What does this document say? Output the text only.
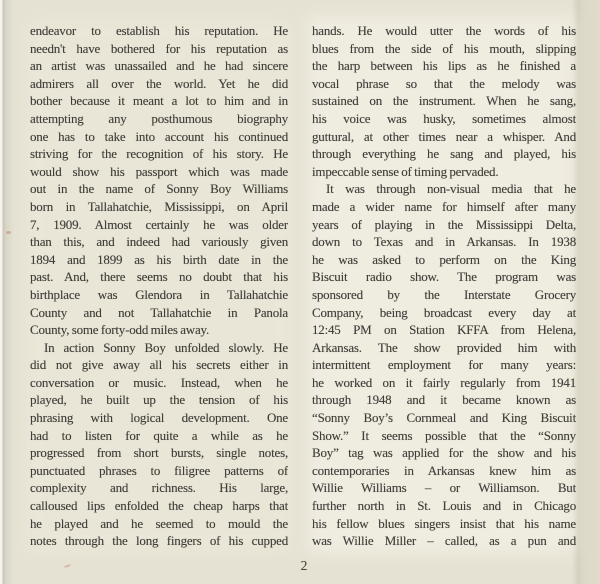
endeavor to establish his reputation. He
needn't have bothered for his reputation as
an artist was unassailed and he had sincere
admirers all over the world. Yet he did
bother because it meant a lot to him and in
attempting any posthumous biography
one has to take into account his continued
striving for the recognition of his story. He
would show his passport which was made
out in the name of Sonny Boy Williams
born in Tallahatchie, Mississippi, on April
7, 1909. Almost certainly he was older
than this, and indeed had variously given
1894 and 1899 as his birth date in the
past. And, there seems no doubt that his
birthplace was Glendora in Tallahatchie
County and not Tallahatchie in Panola
County, some forty-odd miles away.
In action Sonny Boy unfolded slowly. He
did not give away all his secrets either in
conversation or music. Instead, when he
played, he built up the tension of his
phrasing with logical development. One
had to listen for quite a while as he
progressed from short bursts, single notes,
punctuated phrases to filigree patterns of
complexity and richness. His large,
calloused lips enfolded the cheap harps that
he played and he seemed to mould the
notes through the long fingers of his cupped
hands. He would utter the words of his
blues from the side of his mouth, slipping
the harp between his lips as he finished a
vocal phrase so that the melody was
sustained on the instrument. When he sang,
his voice was husky, sometimes almost
guttural, at other times near a whisper. And
through everything he sang and played, his
impeccable sense of timing pervaded.
It was through non-visual media that he
made a wider name for himself after many
years of playing in the Mississippi Delta,
down to Texas and in Arkansas. In 1938
he was asked to perform on the King
Biscuit radio show. The program was
sponsored by the Interstate Grocery
Company, being broadcast every day at
12:45 PM on Station KFFA from Helena,
Arkansas. The show provided him with
intermittent employment for many years:
he worked on it fairly regularly from 1941
through 1948 and it became known as
“Sonny Boy’s Cornmeal and King Biscuit
Show.” It seems possible that the “Sonny
Boy” tag was applied for the show and his
contemporaries in Arkansas knew him as
Willie Williams – or Williamson. But
further north in St. Louis and in Chicago
his fellow blues singers insist that his name
was Willie Miller – called, as a pun and
2
